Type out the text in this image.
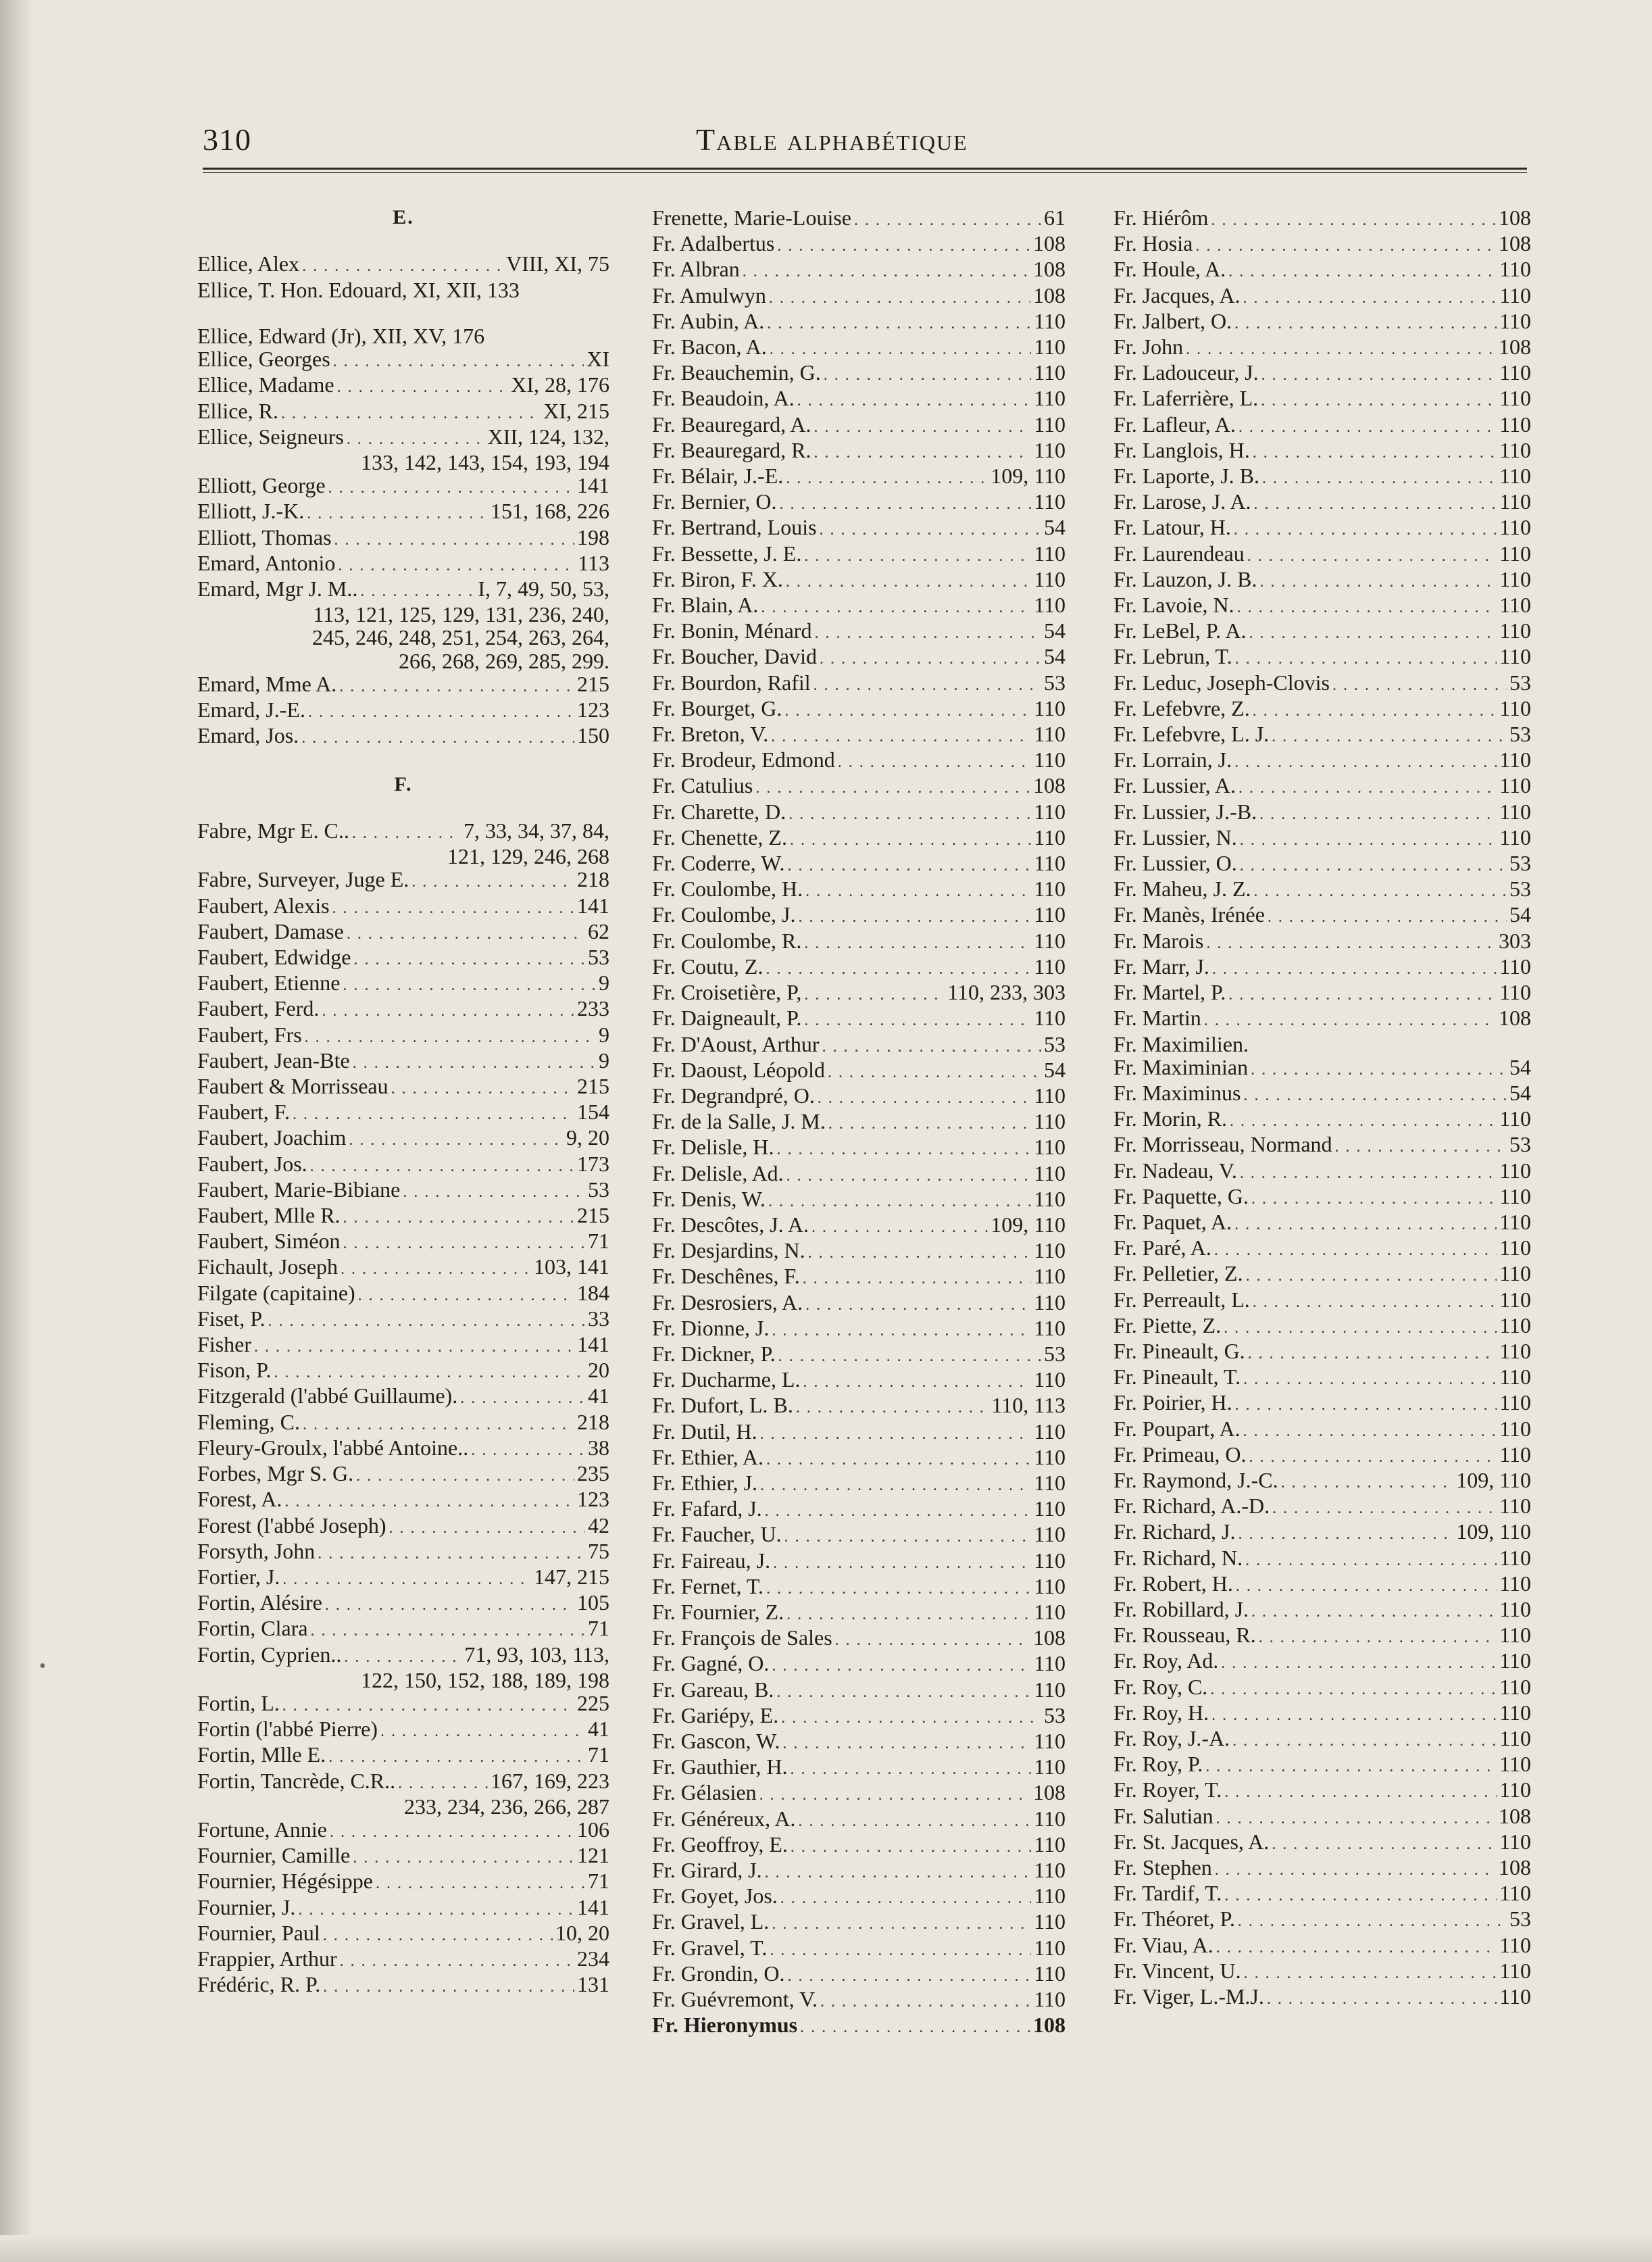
310	Table alphabétique
E.
Ellice, Alex . . .	VIII, XI, 75
Ellice, T. Hon. Edouard, XI, XII, 133
Ellice, Edward (Jr), XII, XV, 176
Ellice, Georges . . .	XI
Ellice, Madame . . .	XI, 28, 176
Ellice, R. . . .	XI, 215
Ellice, Seigneurs . . .	XII, 124, 132,
133, 142, 143, 154, 193, 194
Elliott, George . . .	141
Elliott, J.-K. . . .	151, 168, 226
Elliott, Thomas . . .	198
Emard, Antonio . . .	113
Emard, Mgr J. M.. . . .	I, 7, 49, 50, 53,
113, 121, 125, 129, 131, 236, 240,
245, 246, 248, 251, 254, 263, 264,
266, 268, 269, 285, 299.
Emard, Mme A. . . .	215
Emard, J.-E. . . .	123
Emard, Jos. . . .	150
F.
Fabre, Mgr E. C.. . . .	7, 33, 34, 37, 84,
121, 129, 246, 268
Fabre, Surveyer, Juge E. . . .	218
Faubert, Alexis . . .	141
Faubert, Damase . . .	62
Faubert, Edwidge . . .	53
Faubert, Etienne . . .	9
Faubert, Ferd. . . .	233
Faubert, Frs . . .	9
Faubert, Jean-Bte . . .	9
Faubert & Morrisseau . . .	215
Faubert, F. . . .	154
Faubert, Joachim . . .	9, 20
Faubert, Jos. . . .	173
Faubert, Marie-Bibiane . . .	53
Faubert, Mlle R. . . .	215
Faubert, Siméon . . .	71
Fichault, Joseph . . .	103, 141
Filgate (capitaine) . . .	184
Fiset, P. . . .	33
Fisher . . .	141
Fison, P. . . .	20
Fitzgerald (l'abbé Guillaume). . . .	41
Fleming, C. . . .	218
Fleury-Groulx, l'abbé Antoine.. . . .	38
Forbes, Mgr S. G. . . .	235
Forest, A. . . .	123
Forest (l'abbé Joseph) . . .	42
Forsyth, John . . .	75
Fortier, J. . . .	147, 215
Fortin, Alésire . . .	105
Fortin, Clara . . .	71
Fortin, Cyprien.. . . .	71, 93, 103, 113,
122, 150, 152, 188, 189, 198
Fortin, L. . . .	225
Fortin (l'abbé Pierre) . . .	41
Fortin, Mlle E. . . .	71
Fortin, Tancrède, C.R.. . . .	167, 169, 223
233, 234, 236, 266, 287
Fortune, Annie . . .	106
Fournier, Camille . . .	121
Fournier, Hégésippe . . .	71
Fournier, J. . . .	141
Fournier, Paul . . .	10, 20
Frappier, Arthur . . .	234
Frédéric, R. P. . . .	131
Frenette, Marie-Louise . . .	61
Fr. Adalbertus . . .	108
Fr. Albran . . .	108
Fr. Amulwyn . . .	108
Fr. Aubin, A. . . .	110
Fr. Bacon, A. . . .	110
Fr. Beauchemin, G. . . .	110
Fr. Beaudoin, A. . . .	110
Fr. Beauregard, A. . . .	110
Fr. Beauregard, R. . . .	110
Fr. Bélair, J.-E. . . .	109, 110
Fr. Bernier, O. . . .	110
Fr. Bertrand, Louis . . .	54
Fr. Bessette, J. E. . . .	110
Fr. Biron, F. X. . . .	110
Fr. Blain, A. . . .	110
Fr. Bonin, Ménard . . .	54
Fr. Boucher, David . . .	54
Fr. Bourdon, Rafil . . .	53
Fr. Bourget, G. . . .	110
Fr. Breton, V. . . .	110
Fr. Brodeur, Edmond . . .	110
Fr. Catulius . . .	108
Fr. Charette, D. . . .	110
Fr. Chenette, Z. . . .	110
Fr. Coderre, W. . . .	110
Fr. Coulombe, H. . . .	110
Fr. Coulombe, J. . . .	110
Fr. Coulombe, R. . . .	110
Fr. Coutu, Z. . . .	110
Fr. Croisetière, P, . . .	110, 233, 303
Fr. Daigneault, P. . . .	110
Fr. D'Aoust, Arthur . . .	53
Fr. Daoust, Léopold . . .	54
Fr. Degrandpré, O. . . .	110
Fr. de la Salle, J. M. . . .	110
Fr. Delisle, H. . . .	110
Fr. Delisle, Ad. . . .	110
Fr. Denis, W. . . .	110
Fr. Descôtes, J. A. . . .	109, 110
Fr. Desjardins, N. . . .	110
Fr. Deschênes, F. . . .	110
Fr. Desrosiers, A. . . .	110
Fr. Dionne, J. . . .	110
Fr. Dickner, P. . . .	53
Fr. Ducharme, L. . . .	110
Fr. Dufort, L. B. . . .	110, 113
Fr. Dutil, H. . . .	110
Fr. Ethier, A. . . .	110
Fr. Ethier, J. . . .	110
Fr. Fafard, J. . . .	110
Fr. Faucher, U. . . .	110
Fr. Faireau, J. . . .	110
Fr. Fernet, T. . . .	110
Fr. Fournier, Z. . . .	110
Fr. François de Sales . . .	108
Fr. Gagné, O. . . .	110
Fr. Gareau, B. . . .	110
Fr. Gariépy, E. . . .	53
Fr. Gascon, W. . . .	110
Fr. Gauthier, H. . . .	110
Fr. Gélasien . . .	108
Fr. Généreux, A. . . .	110
Fr. Geoffroy, E. . . .	110
Fr. Girard, J. . . .	110
Fr. Goyet, Jos. . . .	110
Fr. Gravel, L. . . .	110
Fr. Gravel, T. . . .	110
Fr. Grondin, O. . . .	110
Fr. Guévremont, V. . . .	110
Fr. Hieronymus . . .	108
Fr. Hiérôm . . .	108
Fr. Hosia . . .	108
Fr. Houle, A. . . .	110
Fr. Jacques, A. . . .	110
Fr. Jalbert, O. . . .	110
Fr. John . . .	108
Fr. Ladouceur, J. . . .	110
Fr. Laferrière, L. . . .	110
Fr. Lafleur, A. . . .	110
Fr. Langlois, H. . . .	110
Fr. Laporte, J. B. . . .	110
Fr. Larose, J. A. . . .	110
Fr. Latour, H. . . .	110
Fr. Laurendeau . . .	110
Fr. Lauzon, J. B. . . .	110
Fr. Lavoie, N. . . .	110
Fr. LeBel, P. A. . . .	110
Fr. Lebrun, T. . . .	110
Fr. Leduc, Joseph-Clovis . . .	53
Fr. Lefebvre, Z. . . .	110
Fr. Lefebvre, L. J. . . .	53
Fr. Lorrain, J. . . .	110
Fr. Lussier, A. . . .	110
Fr. Lussier, J.-B. . . .	110
Fr. Lussier, N. . . .	110
Fr. Lussier, O. . . .	53
Fr. Maheu, J. Z. . . .	53
Fr. Manès, Irénée . . .	54
Fr. Marois . . .	303
Fr. Marr, J. . . .	110
Fr. Martel, P. . . .	110
Fr. Martin . . .	108
Fr. Maximilien.
Fr. Maximinian . . .	54
Fr. Maximinus . . .	54
Fr. Morin, R. . . .	110
Fr. Morrisseau, Normand . . .	53
Fr. Nadeau, V. . . .	110
Fr. Paquette, G. . . .	110
Fr. Paquet, A. . . .	110
Fr. Paré, A. . . .	110
Fr. Pelletier, Z. . . .	110
Fr. Perreault, L. . . .	110
Fr. Piette, Z. . . .	110
Fr. Pineault, G. . . .	110
Fr. Pineault, T. . . .	110
Fr. Poirier, H. . . .	110
Fr. Poupart, A. . . .	110
Fr. Primeau, O. . . .	110
Fr. Raymond, J.-C. . . .	109, 110
Fr. Richard, A.-D. . . .	110
Fr. Richard, J. . . .	109, 110
Fr. Richard, N. . . .	110
Fr. Robert, H. . . .	110
Fr. Robillard, J. . . .	110
Fr. Rousseau, R. . . .	110
Fr. Roy, Ad. . . .	110
Fr. Roy, C. . . .	110
Fr. Roy, H. . . .	110
Fr. Roy, J.-A. . . .	110
Fr. Roy, P. . . .	110
Fr. Royer, T. . . .	110
Fr. Salutian . . .	108
Fr. St. Jacques, A. . . .	110
Fr. Stephen . . .	108
Fr. Tardif, T. . . .	110
Fr. Théoret, P. . . .	53
Fr. Viau, A. . . .	110
Fr. Vincent, U. . . .	110
Fr. Viger, L.-M.J. . . .	110
•
